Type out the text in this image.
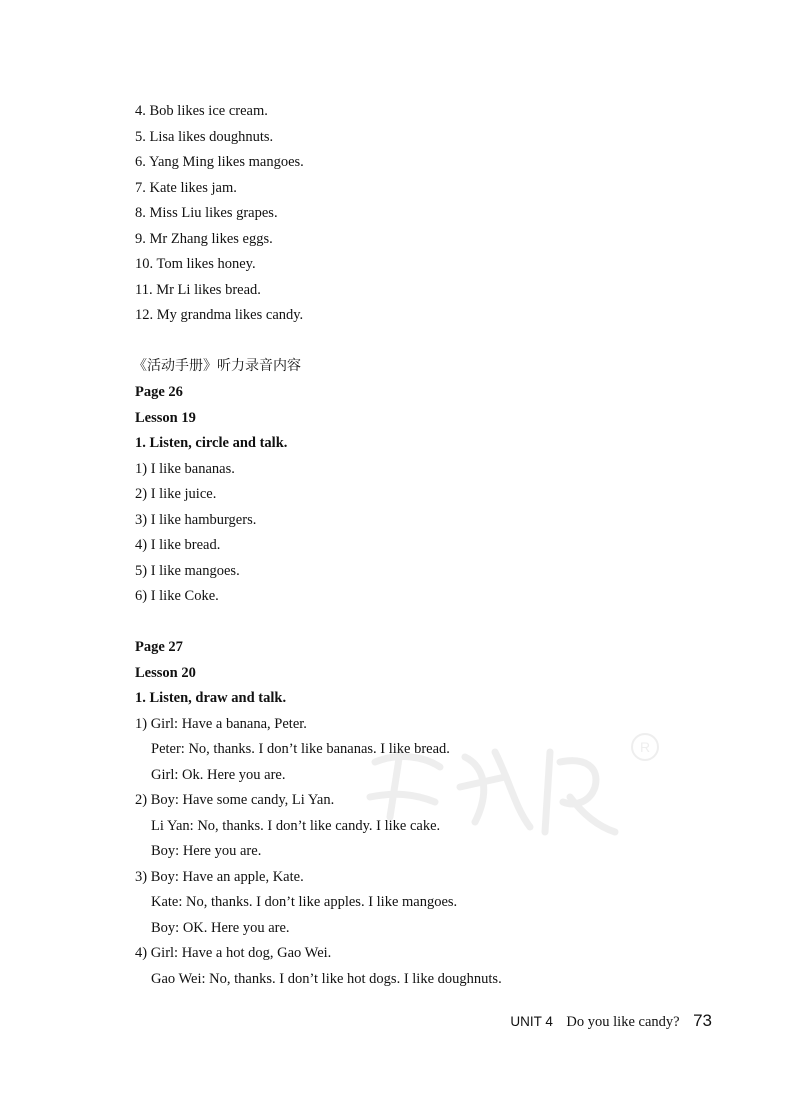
4. Bob likes ice cream.
5. Lisa likes doughnuts.
6. Yang Ming likes mangoes.
7. Kate likes jam.
8. Miss Liu likes grapes.
9. Mr Zhang likes eggs.
10. Tom likes honey.
11. Mr Li likes bread.
12. My grandma likes candy.
《活动手册》听力录音内容
Page 26
Lesson 19
1. Listen, circle and talk.
1) I like bananas.
2) I like juice.
3) I like hamburgers.
4) I like bread.
5) I like mangoes.
6) I like Coke.
Page 27
Lesson 20
1. Listen, draw and talk.
1) Girl: Have a banana, Peter.
Peter: No, thanks. I don’t like bananas. I like bread.
Girl: Ok. Here you are.
2) Boy: Have some candy, Li Yan.
Li Yan: No, thanks. I don’t like candy. I like cake.
Boy: Here you are.
3) Boy: Have an apple, Kate.
Kate: No, thanks. I don’t like apples. I like mangoes.
Boy: OK. Here you are.
4) Girl: Have a hot dog, Gao Wei.
Gao Wei: No, thanks. I don’t like hot dogs. I like doughnuts.
R
UNIT 4 Do you like candy? 73
